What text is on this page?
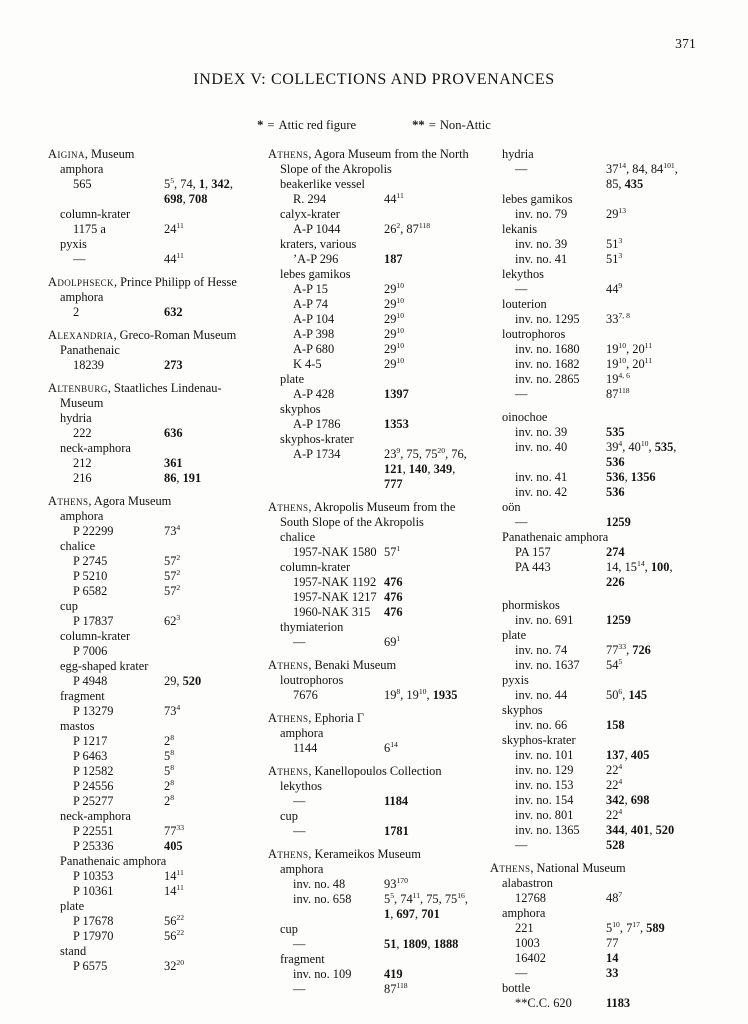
371
INDEX V: COLLECTIONS AND PROVENANCES
* = Attic red figure	** = Non-Attic
Aigina, Museum
amphora
565	$5^5$, 74, 1, 342, 698, 708
column-krater
1175 a	$24^{11}$
pyxis
—	$44^{11}$
Adolphseck, Prince Philipp of Hesse
amphora
2	632
Alexandria, Greco-Roman Museum
Panathenaic
18239	273
Altenburg, Staatliches Lindenau-Museum
hydria
222	636
neck-amphora
212	361
216	86, 191
Athens, Agora Museum
amphora
P 22299	$73^4$
chalice
P 2745	$57^2$
P 5210	$57^2$
P 6582	$57^2$
cup
P 17837	$62^3$
column-krater
P 7006
egg-shaped krater
P 4948	29, 520
fragment
P 13279	$73^4$
mastos
P 1217	$2^8$
P 6463	$5^8$
P 12582	$5^8$
P 24556	$2^8$
P 25277	$2^8$
neck-amphora
P 22551	$77^{33}$
P 25336	405
Panathenaic amphora
P 10353	$14^{11}$
P 10361	$14^{11}$
plate
P 17678	$56^{22}$
P 17970	$56^{22}$
stand
P 6575	$32^{20}$
Athens, Agora Museum from the North Slope of the Akropolis
beakerlike vessel
R. 294	$44^{11}$
calyx-krater
A-P 1044	$26^2$, $87^{118}$
kraters, various
’A-P 296	187
lebes gamikos
A-P 15	$29^{10}$
A-P 74	$29^{10}$
A-P 104	$29^{10}$
A-P 398	$29^{10}$
A-P 680	$29^{10}$
K 4-5	$29^{10}$
plate
A-P 428	1397
skyphos
A-P 1786	1353
skyphos-krater
A-P 1734	$23^9$, 75, $75^{20}$, 76, 121, 140, 349, 777
Athens, Akropolis Museum from the South Slope of the Akropolis
chalice
1957-NAK 1580 $57^1$
column-krater
1957-NAK 1192 476
1957-NAK 1217 476
1960-NAK 315	476
thymiaterion
—	$69^1$
Athens, Benaki Museum
loutrophoros
7676	$19^8$, $19^{10}$, 1935
Athens, Ephoria Γ
amphora
1144	$6^{14}$
Athens, Kanellopoulos Collection
lekythos
—	1184
cup
—	1781
Athens, Kerameikos Museum
amphora
inv. no. 48	$93^{170}$
inv. no. 658	$5^5$, $74^{11}$, 75, $75^{16}$, 1, 697, 701
cup
—	51, 1809, 1888
fragment
inv. no. 109	419
—	$87^{118}$
hydria
—	$37^{14}$, 84, $84^{101}$, 85, 435
lebes gamikos
inv. no. 79	$29^{13}$
lekanis
inv. no. 39	$51^3$
inv. no. 41	$51^3$
lekythos
—	$44^9$
louterion
inv. no. 1295	33$^{7, 8}$
loutrophoros
inv. no. 1680	$19^{10}$, $20^{11}$
inv. no. 1682	$19^{10}$, $20^{11}$
inv. no. 2865	19$^{4, 6}$
—	$87^{118}$
oinochoe
inv. no. 39	535
inv. no. 40	$39^4$, $40^{10}$, 535, 536
inv. no. 41	536, 1356
inv. no. 42	536
oön
—	1259
Panathenaic amphora
PA 157	274
PA 443	14, $15^{14}$, 100, 226
phormiskos
inv. no. 691	1259
plate
inv. no. 74	$77^{33}$, 726
inv. no. 1637	$54^5$
pyxis
inv. no. 44	$50^6$, 145
skyphos
inv. no. 66	158
skyphos-krater
inv. no. 101	137, 405
inv. no. 129	$22^4$
inv. no. 153	$22^4$
inv. no. 154	342, 698
inv. no. 801	$22^4$
inv. no. 1365	344, 401, 520
—	528
Athens, National Museum
alabastron
12768	$48^7$
amphora
221	$5^{10}$, $7^{17}$, 589
1003	77
16402	14
—	33
bottle
**C.C. 620	1183
